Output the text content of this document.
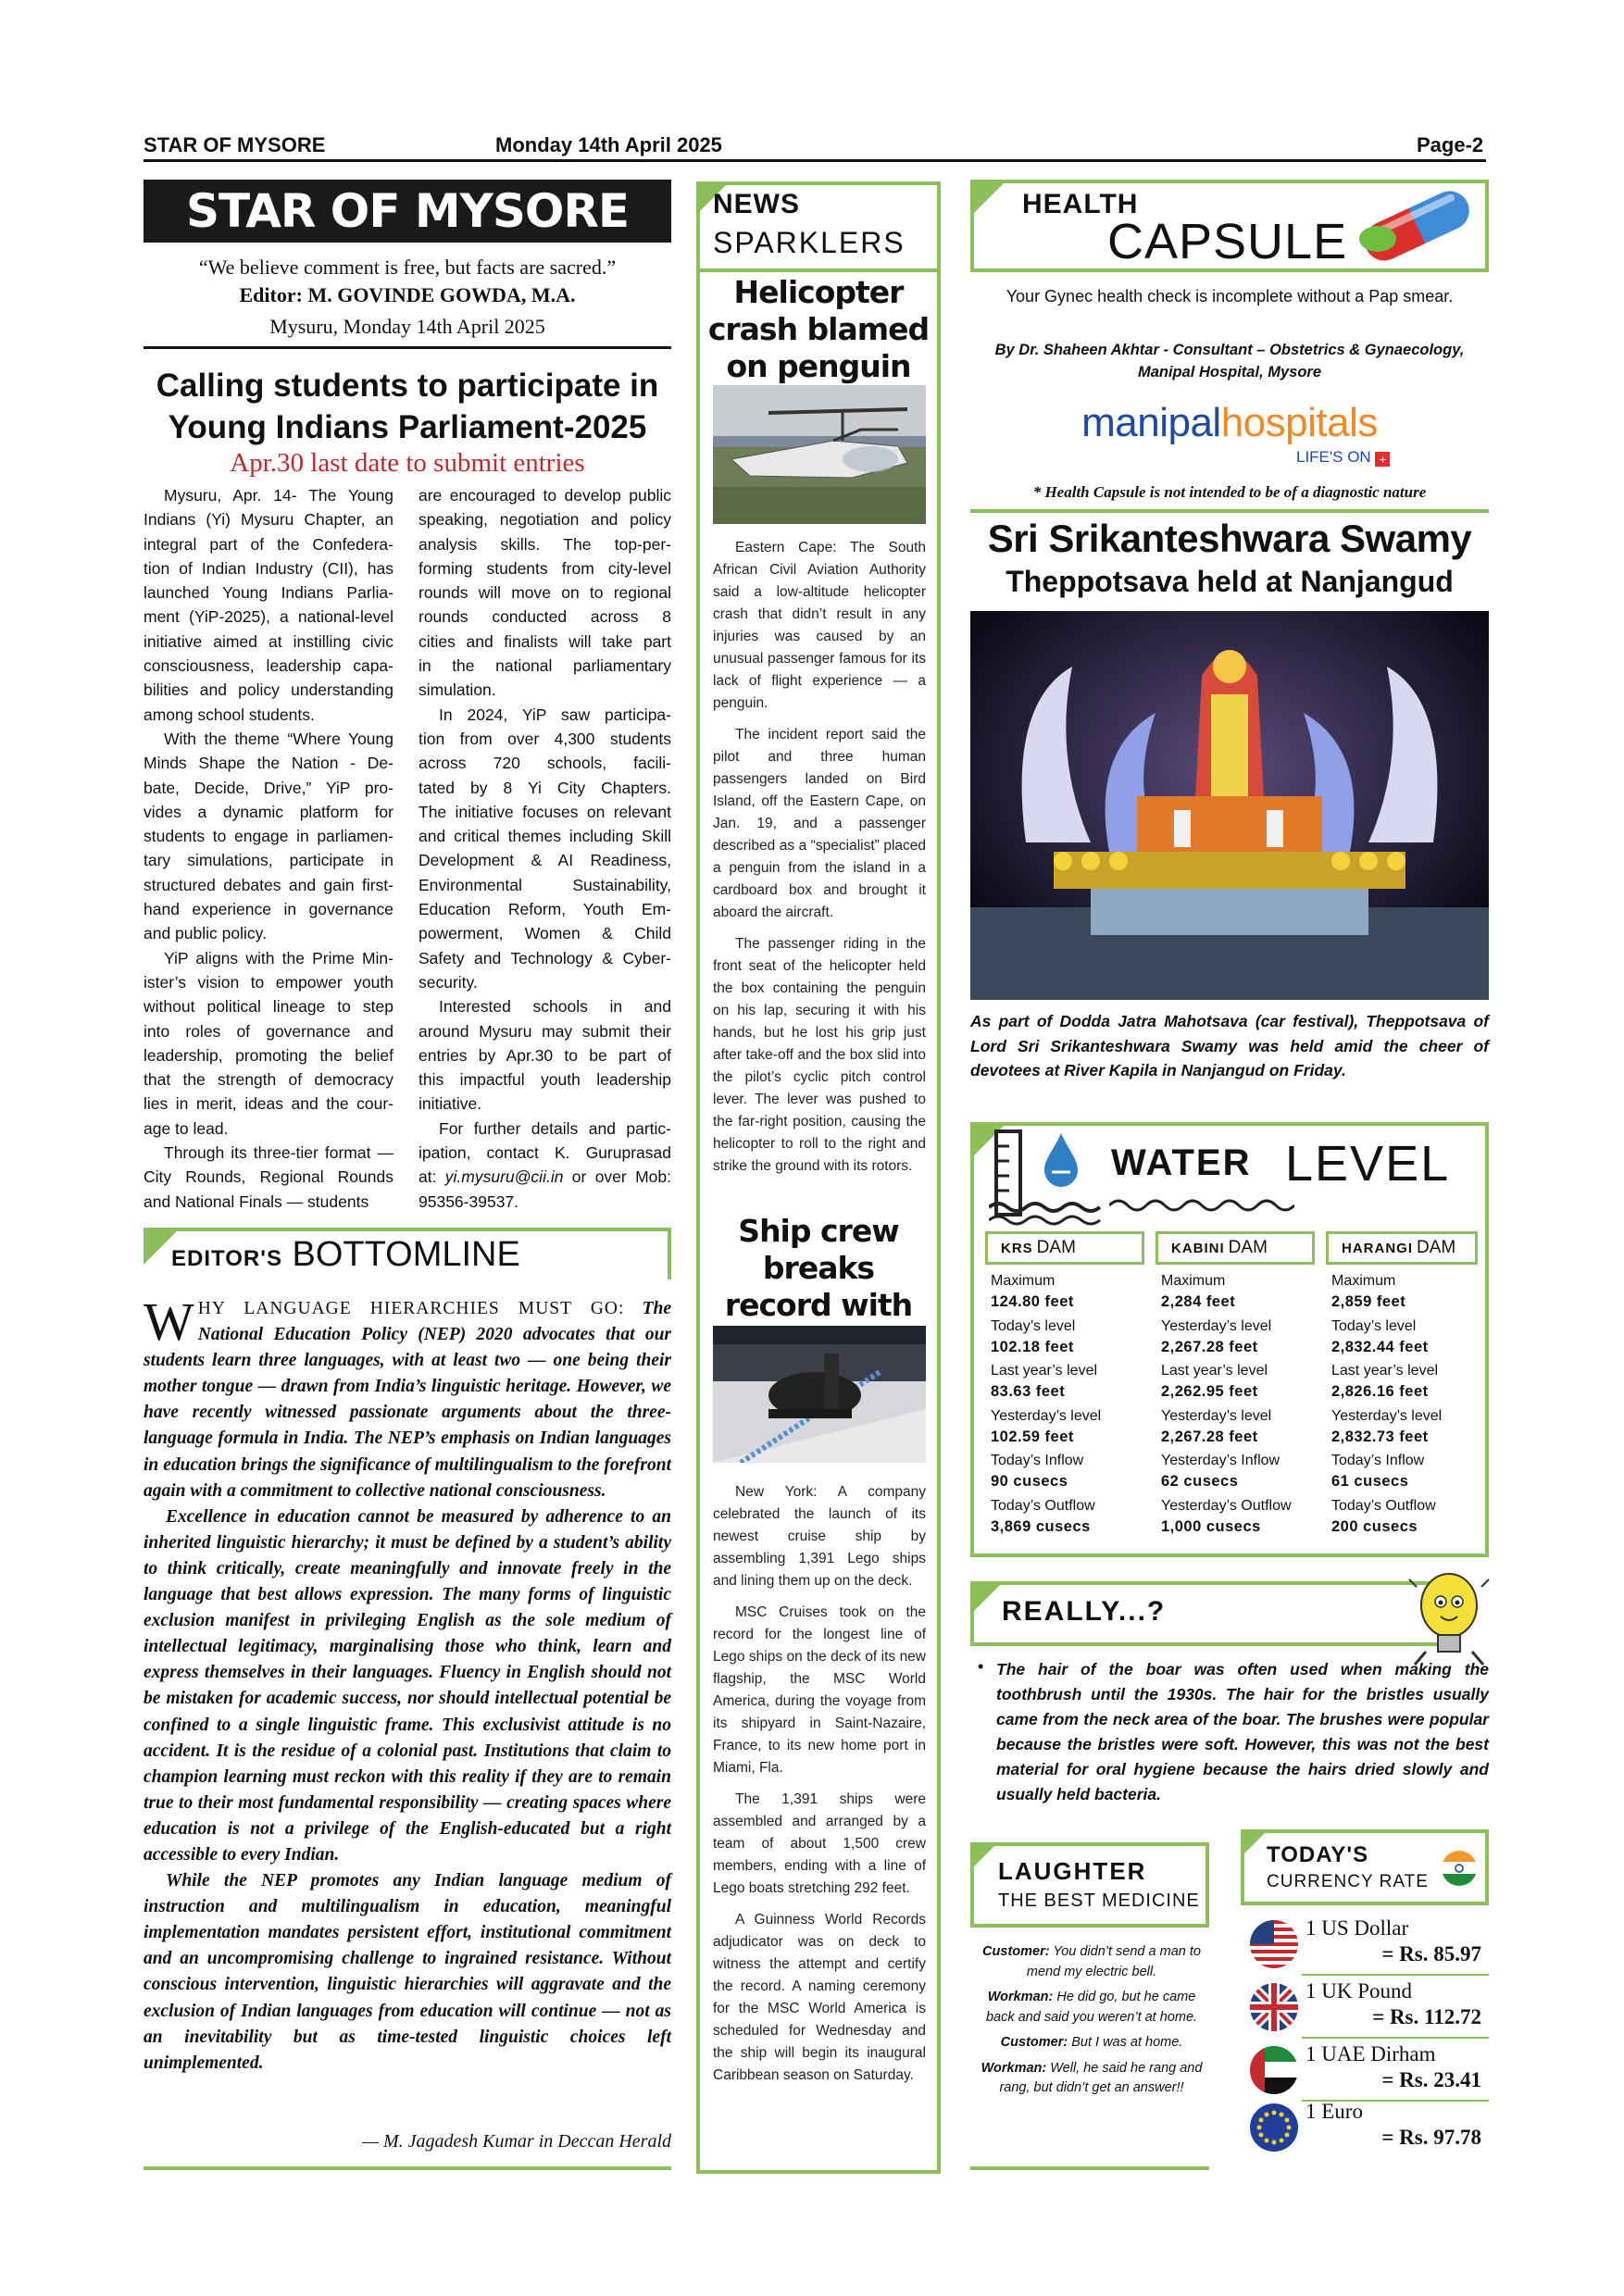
STAR OF MYSORE	Monday 14th April 2025	Page-2
STAR OF MYSORE
“We believe comment is free, but facts are sacred.”
Editor: M. GOVINDE GOWDA, M.A.
Mysuru, Monday 14th April 2025
Calling students to participate in
Young Indians Parliament-2025
Apr.30 last date to submit entries
Mysuru, Apr. 14- The Young
Indians (Yi) Mysuru Chapter, an
integral part of the Confedera-
tion of Indian Industry (CII), has
launched Young Indians Parlia-
ment (YiP-2025), a national-level
initiative aimed at instilling civic
consciousness, leadership capa-
bilities and policy understanding
among school students.
With the theme “Where Young
Minds Shape the Nation - De-
bate, Decide, Drive,” YiP pro-
vides a dynamic platform for
students to engage in parliamen-
tary simulations, participate in
structured debates and gain first-
hand experience in governance
and public policy.
YiP aligns with the Prime Min-
ister’s vision to empower youth
without political lineage to step
into roles of governance and
leadership, promoting the belief
that the strength of democracy
lies in merit, ideas and the cour-
age to lead.
Through its three-tier format —
City Rounds, Regional Rounds
and National Finals — students
are encouraged to develop public
speaking, negotiation and policy
analysis skills. The top-per-
forming students from city-level
rounds will move on to regional
rounds conducted across 8
cities and finalists will take part
in the national parliamentary
simulation.
In 2024, YiP saw participa-
tion from over 4,300 students
across 720 schools, facili-
tated by 8 Yi City Chapters.
The initiative focuses on relevant
and critical themes including Skill
Development & AI Readiness,
Environmental Sustainability,
Education Reform, Youth Em-
powerment, Women & Child
Safety and Technology & Cyber-
security.
Interested schools in and
around Mysuru may submit their
entries by Apr.30 to be part of
this impactful youth leadership
initiative.
For further details and partic-
ipation, contact K. Guruprasad
at: yi.mysuru@cii.in or over Mob:
95356-39537.
EDITOR'S BOTTOMLINE

WHY LANGUAGE HIERARCHIES MUST GO: The National Education Policy (NEP) 2020 advocates that our students learn three languages, with at least two — one being their mother tongue — drawn from India’s linguistic heritage. However, we have recently witnessed passionate arguments about the three-language formula in India. The NEP’s emphasis on Indian languages in education brings the significance of multilingualism to the forefront again with a commitment to collective national consciousness.

Excellence in education cannot be measured by adherence to an inherited linguistic hierarchy; it must be defined by a student’s ability to think critically, create meaningfully and innovate freely in the language that best allows expression. The many forms of linguistic exclusion manifest in privileging English as the sole medium of intellectual legitimacy, marginalising those who think, learn and express themselves in their languages. Fluency in English should not be mistaken for academic success, nor should intellectual potential be confined to a single linguistic frame. This exclusivist attitude is no accident. It is the residue of a colonial past. Institutions that claim to champion learning must reckon with this reality if they are to remain true to their most fundamental responsibility — creating spaces where education is not a privilege of the English-educated but a right accessible to every Indian.

While the NEP promotes any Indian language medium of instruction and multilingualism in education, meaningful implementation mandates persistent effort, institutional commitment and an uncompromising challenge to ingrained resistance. Without conscious intervention, linguistic hierarchies will aggravate and the exclusion of Indian languages from education will continue — not as an inevitability but as time-tested linguistic choices left unimplemented.

— M. Jagadesh Kumar in Deccan Herald
NEWS
SPARKLERS
Helicopter
crash blamed
on penguin

Eastern Cape: The South African Civil Aviation Authority said a low-altitude helicopter crash that didn’t result in any injuries was caused by an unusual passenger famous for its lack of flight experience — a penguin.

The incident report said the pilot and three human passengers landed on Bird Island, off the Eastern Cape, on Jan. 19, and a passenger described as a “specialist” placed a penguin from the island in a cardboard box and brought it aboard the aircraft.

The passenger riding in the front seat of the helicopter held the box containing the penguin on his lap, securing it with his hands, but he lost his grip just after take-off and the box slid into the pilot’s cyclic pitch control lever. The lever was pushed to the far-right position, causing the helicopter to roll to the right and strike the ground with its rotors.

Ship crew breaks
record with

New York: A company celebrated the launch of its newest cruise ship by assembling 1,391 Lego ships and lining them up on the deck.

MSC Cruises took on the record for the longest line of Lego ships on the deck of its new flagship, the MSC World America, during the voyage from its shipyard in Saint-Nazaire, France, to its new home port in Miami, Fla.

The 1,391 ships were assembled and arranged by a team of about 1,500 crew members, ending with a line of Lego boats stretching 292 feet.

A Guinness World Records adjudicator was on deck to witness the attempt and certify the record. A naming ceremony for the MSC World America is scheduled for Wednesday and the ship will begin its inaugural Caribbean season on Saturday.

HEALTH
CAPSULE
Your Gynec health check is incomplete without a Pap smear.
By Dr. Shaheen Akhtar - Consultant – Obstetrics & Gynaecology,
Manipal Hospital, Mysore
manipalhospitals
LIFE'S ON +
* Health Capsule is not intended to be of a diagnostic nature
Sri Srikanteshwara Swamy
Theppotsava held at Nanjangud
As part of Dodda Jatra Mahotsava (car festival), Theppotsava of Lord Sri Srikanteshwara Swamy was held amid the cheer of devotees at River Kapila in Nanjangud on Friday.
WATER LEVEL
KRS DAM
Maximum
124.80 feet
Today’s level
102.18 feet
Last year’s level
83.63 feet
Yesterday’s level
102.59 feet
Today’s Inflow
90 cusecs
Today’s Outflow
3,869 cusecs
KABINI DAM
Maximum
2,284 feet
Yesterday’s level
2,267.28 feet
Last year’s level
2,262.95 feet
Yesterday’s level
2,267.28 feet
Yesterday’s Inflow
62 cusecs
Yesterday’s Outflow
1,000 cusecs
HARANGI DAM
Maximum
2,859 feet
Today’s level
2,832.44 feet
Last year’s level
2,826.16 feet
Yesterday’s level
2,832.73 feet
Today’s Inflow
61 cusecs
Today’s Outflow
200 cusecs
REALLY...?
• The hair of the boar was often used when making the toothbrush until the 1930s. The hair for the bristles usually came from the neck area of the boar. The brushes were popular because the bristles were soft. However, this was not the best material for oral hygiene because the hairs dried slowly and usually held bacteria.
LAUGHTER
THE BEST MEDICINE

Customer: You didn’t send a man to mend my electric bell.

Workman: He did go, but he came back and said you weren’t at home.

Customer: But I was at home.

Workman: Well, he said he rang and rang, but didn’t get an answer!!

TODAY'S
CURRENCY RATE
1 US Dollar
= Rs. 85.97
1 UK Pound
= Rs. 112.72
1 UAE Dirham
= Rs. 23.41
1 Euro
= Rs. 97.78
